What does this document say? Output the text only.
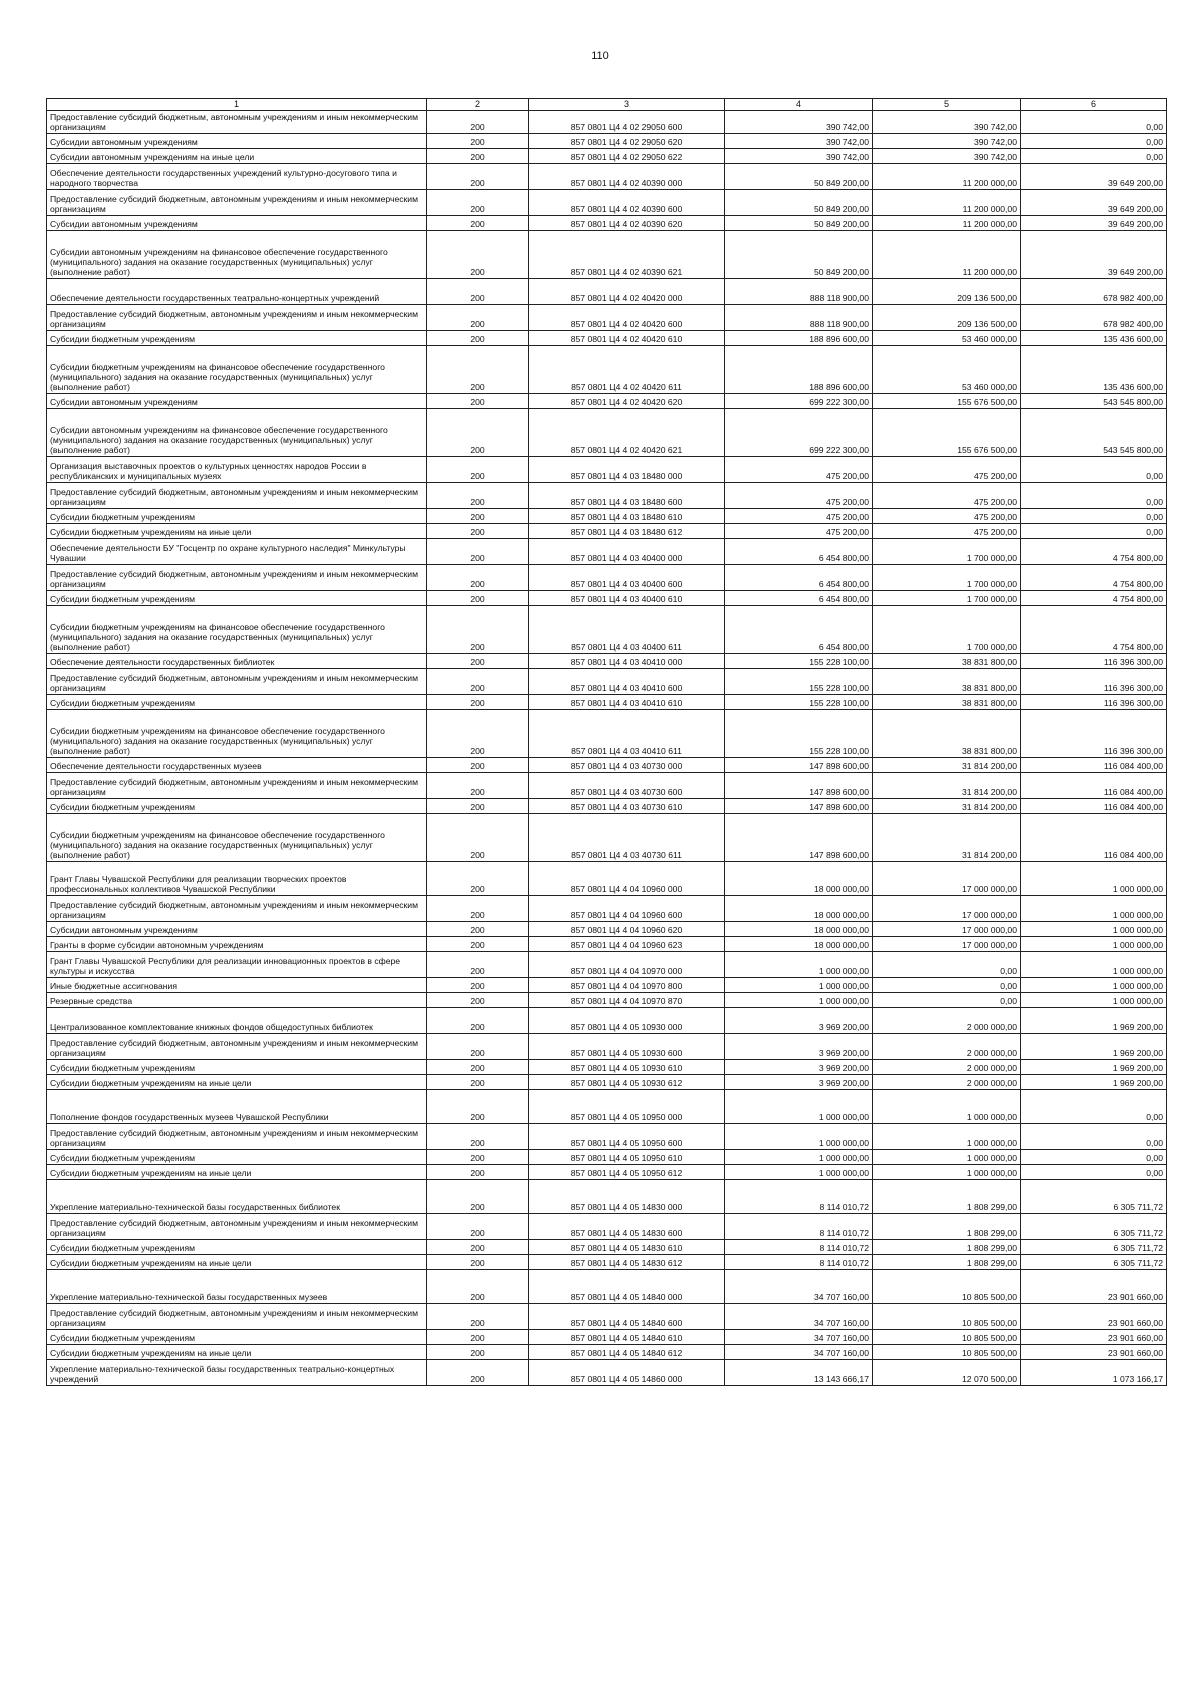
110
1	2	3	4	5	6
Предоставление субсидий бюджетным, автономным учреждениям и иным некоммерческим организациям	200	857 0801 Ц4 4 02 29050 600	390 742,00	390 742,00	0,00
Субсидии автономным учреждениям	200	857 0801 Ц4 4 02 29050 620	390 742,00	390 742,00	0,00
Субсидии автономным учреждениям на иные цели	200	857 0801 Ц4 4 02 29050 622	390 742,00	390 742,00	0,00
Обеспечение деятельности государственных учреждений культурно-досугового типа и народного творчества	200	857 0801 Ц4 4 02 40390 000	50 849 200,00	11 200 000,00	39 649 200,00
Предоставление субсидий бюджетным, автономным учреждениям и иным некоммерческим организациям	200	857 0801 Ц4 4 02 40390 600	50 849 200,00	11 200 000,00	39 649 200,00
Субсидии автономным учреждениям	200	857 0801 Ц4 4 02 40390 620	50 849 200,00	11 200 000,00	39 649 200,00
Субсидии автономным учреждениям на финансовое обеспечение государственного (муниципального) задания на оказание государственных (муниципальных) услуг (выполнение работ)	200	857 0801 Ц4 4 02 40390 621	50 849 200,00	11 200 000,00	39 649 200,00
Обеспечение деятельности государственных театрально-концертных учреждений	200	857 0801 Ц4 4 02 40420 000	888 118 900,00	209 136 500,00	678 982 400,00
Предоставление субсидий бюджетным, автономным учреждениям и иным некоммерческим организациям	200	857 0801 Ц4 4 02 40420 600	888 118 900,00	209 136 500,00	678 982 400,00
Субсидии бюджетным учреждениям	200	857 0801 Ц4 4 02 40420 610	188 896 600,00	53 460 000,00	135 436 600,00
Субсидии бюджетным учреждениям на финансовое обеспечение государственного (муниципального) задания на оказание государственных (муниципальных) услуг (выполнение работ)	200	857 0801 Ц4 4 02 40420 611	188 896 600,00	53 460 000,00	135 436 600,00
Субсидии автономным учреждениям	200	857 0801 Ц4 4 02 40420 620	699 222 300,00	155 676 500,00	543 545 800,00
Субсидии автономным учреждениям на финансовое обеспечение государственного (муниципального) задания на оказание государственных (муниципальных) услуг (выполнение работ)	200	857 0801 Ц4 4 02 40420 621	699 222 300,00	155 676 500,00	543 545 800,00
Организация выставочных проектов о культурных ценностях народов России в республиканских и муниципальных музеях	200	857 0801 Ц4 4 03 18480 000	475 200,00	475 200,00	0,00
Предоставление субсидий бюджетным, автономным учреждениям и иным некоммерческим организациям	200	857 0801 Ц4 4 03 18480 600	475 200,00	475 200,00	0,00
Субсидии бюджетным учреждениям	200	857 0801 Ц4 4 03 18480 610	475 200,00	475 200,00	0,00
Субсидии бюджетным учреждениям на иные цели	200	857 0801 Ц4 4 03 18480 612	475 200,00	475 200,00	0,00
Обеспечение деятельности БУ "Госцентр по охране культурного наследия" Минкультуры Чувашии	200	857 0801 Ц4 4 03 40400 000	6 454 800,00	1 700 000,00	4 754 800,00
Предоставление субсидий бюджетным, автономным учреждениям и иным некоммерческим организациям	200	857 0801 Ц4 4 03 40400 600	6 454 800,00	1 700 000,00	4 754 800,00
Субсидии бюджетным учреждениям	200	857 0801 Ц4 4 03 40400 610	6 454 800,00	1 700 000,00	4 754 800,00
Субсидии бюджетным учреждениям на финансовое обеспечение государственного (муниципального) задания на оказание государственных (муниципальных) услуг (выполнение работ)	200	857 0801 Ц4 4 03 40400 611	6 454 800,00	1 700 000,00	4 754 800,00
Обеспечение деятельности государственных библиотек	200	857 0801 Ц4 4 03 40410 000	155 228 100,00	38 831 800,00	116 396 300,00
Предоставление субсидий бюджетным, автономным учреждениям и иным некоммерческим организациям	200	857 0801 Ц4 4 03 40410 600	155 228 100,00	38 831 800,00	116 396 300,00
Субсидии бюджетным учреждениям	200	857 0801 Ц4 4 03 40410 610	155 228 100,00	38 831 800,00	116 396 300,00
Субсидии бюджетным учреждениям на финансовое обеспечение государственного (муниципального) задания на оказание государственных (муниципальных) услуг (выполнение работ)	200	857 0801 Ц4 4 03 40410 611	155 228 100,00	38 831 800,00	116 396 300,00
Обеспечение деятельности государственных музеев	200	857 0801 Ц4 4 03 40730 000	147 898 600,00	31 814 200,00	116 084 400,00
Предоставление субсидий бюджетным, автономным учреждениям и иным некоммерческим организациям	200	857 0801 Ц4 4 03 40730 600	147 898 600,00	31 814 200,00	116 084 400,00
Субсидии бюджетным учреждениям	200	857 0801 Ц4 4 03 40730 610	147 898 600,00	31 814 200,00	116 084 400,00
Субсидии бюджетным учреждениям на финансовое обеспечение государственного (муниципального) задания на оказание государственных (муниципальных) услуг (выполнение работ)	200	857 0801 Ц4 4 03 40730 611	147 898 600,00	31 814 200,00	116 084 400,00
Грант Главы Чувашской Республики для реализации творческих проектов профессиональных коллективов Чувашской Республики	200	857 0801 Ц4 4 04 10960 000	18 000 000,00	17 000 000,00	1 000 000,00
Предоставление субсидий бюджетным, автономным учреждениям и иным некоммерческим организациям	200	857 0801 Ц4 4 04 10960 600	18 000 000,00	17 000 000,00	1 000 000,00
Субсидии автономным учреждениям	200	857 0801 Ц4 4 04 10960 620	18 000 000,00	17 000 000,00	1 000 000,00
Гранты в форме субсидии автономным учреждениям	200	857 0801 Ц4 4 04 10960 623	18 000 000,00	17 000 000,00	1 000 000,00
Грант Главы Чувашской Республики для реализации инновационных проектов в сфере культуры и искусства	200	857 0801 Ц4 4 04 10970 000	1 000 000,00	0,00	1 000 000,00
Иные бюджетные ассигнования	200	857 0801 Ц4 4 04 10970 800	1 000 000,00	0,00	1 000 000,00
Резервные средства	200	857 0801 Ц4 4 04 10970 870	1 000 000,00	0,00	1 000 000,00
Централизованное комплектование книжных фондов общедоступных библиотек	200	857 0801 Ц4 4 05 10930 000	3 969 200,00	2 000 000,00	1 969 200,00
Предоставление субсидий бюджетным, автономным учреждениям и иным некоммерческим организациям	200	857 0801 Ц4 4 05 10930 600	3 969 200,00	2 000 000,00	1 969 200,00
Субсидии бюджетным учреждениям	200	857 0801 Ц4 4 05 10930 610	3 969 200,00	2 000 000,00	1 969 200,00
Субсидии бюджетным учреждениям на иные цели	200	857 0801 Ц4 4 05 10930 612	3 969 200,00	2 000 000,00	1 969 200,00
Пополнение фондов государственных музеев Чувашской Республики	200	857 0801 Ц4 4 05 10950 000	1 000 000,00	1 000 000,00	0,00
Предоставление субсидий бюджетным, автономным учреждениям и иным некоммерческим организациям	200	857 0801 Ц4 4 05 10950 600	1 000 000,00	1 000 000,00	0,00
Субсидии бюджетным учреждениям	200	857 0801 Ц4 4 05 10950 610	1 000 000,00	1 000 000,00	0,00
Субсидии бюджетным учреждениям на иные цели	200	857 0801 Ц4 4 05 10950 612	1 000 000,00	1 000 000,00	0,00
Укрепление материально-технической базы государственных библиотек	200	857 0801 Ц4 4 05 14830 000	8 114 010,72	1 808 299,00	6 305 711,72
Предоставление субсидий бюджетным, автономным учреждениям и иным некоммерческим организациям	200	857 0801 Ц4 4 05 14830 600	8 114 010,72	1 808 299,00	6 305 711,72
Субсидии бюджетным учреждениям	200	857 0801 Ц4 4 05 14830 610	8 114 010,72	1 808 299,00	6 305 711,72
Субсидии бюджетным учреждениям на иные цели	200	857 0801 Ц4 4 05 14830 612	8 114 010,72	1 808 299,00	6 305 711,72
Укрепление материально-технической базы государственных музеев	200	857 0801 Ц4 4 05 14840 000	34 707 160,00	10 805 500,00	23 901 660,00
Предоставление субсидий бюджетным, автономным учреждениям и иным некоммерческим организациям	200	857 0801 Ц4 4 05 14840 600	34 707 160,00	10 805 500,00	23 901 660,00
Субсидии бюджетным учреждениям	200	857 0801 Ц4 4 05 14840 610	34 707 160,00	10 805 500,00	23 901 660,00
Субсидии бюджетным учреждениям на иные цели	200	857 0801 Ц4 4 05 14840 612	34 707 160,00	10 805 500,00	23 901 660,00
Укрепление материально-технической базы государственных театрально-концертных учреждений	200	857 0801 Ц4 4 05 14860 000	13 143 666,17	12 070 500,00	1 073 166,17
